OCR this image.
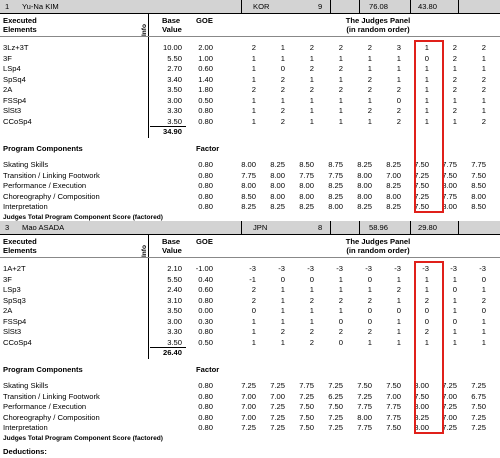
1 Yu-Na KIM	KOR	9	76.08	43.80
Executed
Elements	Info
Base
Value
GOE	The Judges Panel
(in random order)
3Lz+3T	10.00	2.00	2	1	2	2	2	3	1	2	2
3F	5.50	1.00	1	1	1	1	1	1	0	2	1
LSp4	2.70	0.60	1	0	2	2	1	1	1	1	1
SpSq4	3.40	1.40	1	2	1	1	2	1	1	2	2
2A	3.50	1.80	2	2	2	2	2	2	1	2	2
FSSp4	3.00	0.50	1	1	1	1	1	0	1	1	1
SlSt3	3.30	0.80	1	2	1	1	2	2	1	2	1
CCoSp4	3.50	0.80	1	2	1	1	1	2	1	1	2
34.90
Program Components	Factor
Skating Skills	0.80	8.00	8.25	8.50	8.75	8.25	8.25	7.50	7.75	7.75
Transition / Linking Footwork	0.80	7.75	8.00	7.75	7.75	8.00	7.00	7.25	7.50	7.50
Performance / Execution	0.80	8.00	8.00	8.00	8.25	8.00	8.25	7.50	8.00	8.50
Choreography / Composition	0.80	8.50	8.00	8.00	8.25	8.00	8.00	7.25	7.75	8.00
Interpretation	0.80	8.25	8.25	8.25	8.00	8.25	8.25	7.50	8.00	8.50
Judges Total Program Component Score (factored)
3 Mao ASADA	JPN	8	58.96	29.80
Executed
Elements	Info
Base
Value
GOE	The Judges Panel
(in random order)
1A+2T	2.10	-1.00	-3	-3	-3	-3	-3	-3	-3	-3	-3
3F	5.50	0.40	-1	0	0	1	0	1	1	1	0
LSp3	2.40	0.60	2	1	1	1	1	2	1	0	1
SpSq3	3.10	0.80	2	1	2	2	2	1	2	1	2
2A	3.50	0.00	0	1	1	1	0	0	0	1	0
FSSp4	3.00	0.30	1	1	1	0	0	1	0	0	1
SlSt3	3.30	0.80	1	2	2	2	2	1	2	1	1
CCoSp4	3.50	0.50	1	1	2	0	1	1	1	1	1
26.40
Program Components	Factor
Skating Skills	0.80	7.25	7.25	7.75	7.25	7.50	7.50	8.00	7.25	7.25
Transition / Linking Footwork	0.80	7.00	7.00	7.25	6.25	7.25	7.00	7.50	7.00	6.75
Performance / Execution	0.80	7.00	7.25	7.50	7.50	7.75	7.75	8.00	7.25	7.50
Choreography / Composition	0.80	7.00	7.25	7.50	7.25	8.00	7.75	8.25	7.00	7.25
Interpretation	0.80	7.25	7.25	7.50	7.25	7.75	7.50	8.00	7.25	7.25
Judges Total Program Component Score (factored)
Deductions:
